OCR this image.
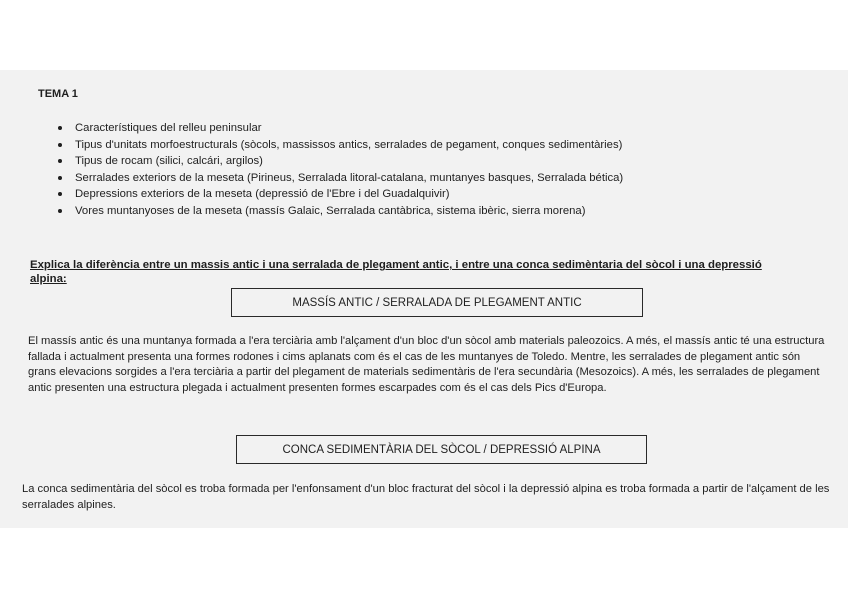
TEMA 1
Característiques del relleu peninsular
Tipus d'unitats morfoestructurals (sòcols, massissos antics, serralades de pegament, conques sedimentàries)
Tipus de rocam (silici, calcári, argilos)
Serralades exteriors de la meseta (Pirineus, Serralada litoral-catalana, muntanyes basques, Serralada bética)
Depressions exteriors de la meseta (depressió de l'Ebre i del Guadalquivir)
Vores muntanyoses de la meseta (massís Galaic, Serralada cantàbrica, sistema ibèric, sierra morena)
Explica la diferència entre un massis antic i una serralada de plegament antic, i entre una conca sedimèntaria del sòcol i una depressió alpina:
MASSÍS ANTIC / SERRALADA DE PLEGAMENT ANTIC

El massís antic és una muntanya formada a l'era terciària amb l'alçament d'un bloc d'un sòcol amb materials paleozoics. A més, el massís antic té una estructura fallada i actualment presenta una formes rodones i cims aplanats com és el cas de les muntanyes de Toledo. Mentre, les serralades de plegament antic són grans elevacions sorgides a l'era terciària a partir del plegament de materials sedimentàris de l'era secundària (Mesozoics). A més, les serralades de plegament antic presenten una estructura plegada i actualment presenten formes escarpades com és el cas dels Pics d'Europa.

CONCA SEDIMENTÀRIA DEL SÒCOL / DEPRESSIÓ ALPINA

La conca sedimentària del sòcol es troba formada per l'enfonsament d'un bloc fracturat del sòcol i la depressió alpina es troba formada a partir de l'alçament de les serralades alpines.
